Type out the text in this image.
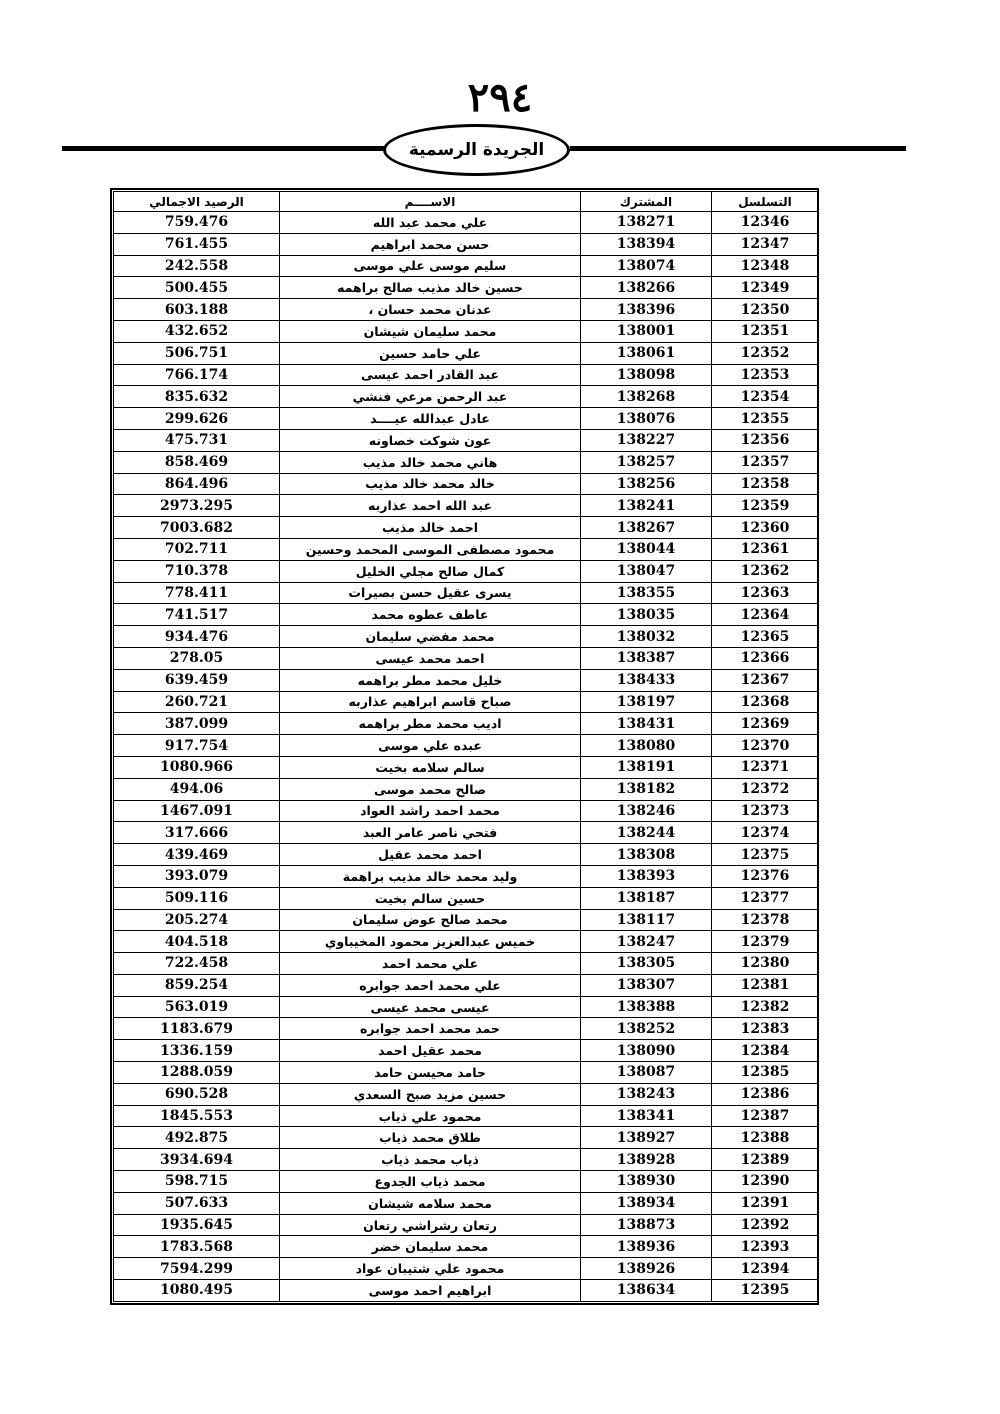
٢٩٤
الجريدة الرسمية
الرصيد الاجمالي	الاســــم	المشترك	التسلسل
759.476	علي محمد عبد الله	138271	12346
761.455	حسن محمد ابراهيم	138394	12347
242.558	سليم موسى علي موسى	138074	12348
500.455	حسين خالد مذيب صالح براهمه	138266	12349
603.188	عدنان محمد حسان ،	138396	12350
432.652	محمد سليمان شيشان	138001	12351
506.751	علي حامد حسين	138061	12352
766.174	عبد القادر احمد عيسى	138098	12353
835.632	عبد الرحمن مرعي فنشي	138268	12354
299.626	عادل عبدالله عيــــد	138076	12355
475.731	عون شوكت خصاونه	138227	12356
858.469	هاني محمد خالد مذيب	138257	12357
864.496	خالد محمد خالد مذيب	138256	12358
2973.295	عبد الله احمد عذاربه	138241	12359
7003.682	احمد خالد مذيب	138267	12360
702.711	محمود مصطفى الموسى المحمد وحسين	138044	12361
710.378	كمال صالح مجلي الخليل	138047	12362
778.411	يسرى عقيل حسن بصيرات	138355	12363
741.517	عاطف عطوه محمد	138035	12364
934.476	محمد مفضي سليمان	138032	12365
278.05	احمد محمد عيسى	138387	12366
639.459	خليل محمد مطر براهمه	138433	12367
260.721	صباح قاسم ابراهيم عذاربه	138197	12368
387.099	اديب محمد مطر براهمه	138431	12369
917.754	عبده علي موسى	138080	12370
1080.966	سالم سلامه بخيت	138191	12371
494.06	صالح محمد موسى	138182	12372
1467.091	محمد احمد راشد العواد	138246	12373
317.666	فتحي ناصر عامر العبد	138244	12374
439.469	احمد محمد عقيل	138308	12375
393.079	وليد محمد خالد مذيب براهمة	138393	12376
509.116	حسين سالم بخيت	138187	12377
205.274	محمد صالح عوض سليمان	138117	12378
404.518	خميس عبدالعزيز محمود المخيباوي	138247	12379
722.458	علي محمد احمد	138305	12380
859.254	علي محمد احمد جوابره	138307	12381
563.019	عيسى محمد عيسى	138388	12382
1183.679	حمد محمد احمد جوابره	138252	12383
1336.159	محمد عقيل احمد	138090	12384
1288.059	حامد محيسن حامد	138087	12385
690.528	حسين مزيد صبح السعدي	138243	12386
1845.553	محمود علي ذياب	138341	12387
492.875	طلاق محمد ذياب	138927	12388
3934.694	ذياب محمد ذياب	138928	12389
598.715	محمد ذياب الجدوع	138930	12390
507.633	محمد سلامه شيشان	138934	12391
1935.645	رتعان رشراشي رتعان	138873	12392
1783.568	محمد سليمان خضر	138936	12393
7594.299	محمود علي شتيبان عواد	138926	12394
1080.495	ابراهيم احمد موسى	138634	12395
